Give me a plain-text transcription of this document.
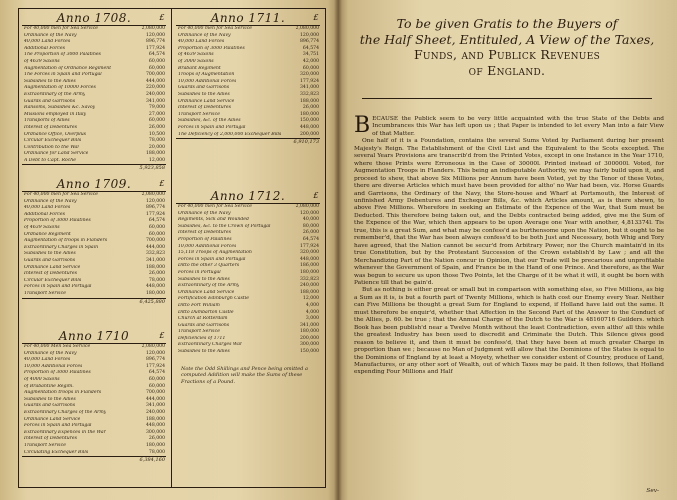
Anno 1708.	£
For 40,000 men for Sea Service	2,080,000
Ordinance of the Navy	120,000
40,000 Land Forces	896,774
Additional Forces	177,924
The Proportion of 3000 Palatines	64,574
of 4639 Saxons	60,000
Augmentation of Ordnance Regiment	60,000
The Forces in Spain and Portugal	700,000
Subsidies to the Allies	444,000
Augmentation of 10000 Forces	220,000
Extraordinary of the Army	240,000
Guards and Garrisons	341,000
Ransoms, Subsidies &c. Savoy	79,000
Missions employed in Italy	27,000
Transports of Allies	60,000
Interest of Debentures	26,000
Ordnance Office, Overplus	10,500
Circular Exchequer Bills	78,000
Contribution to the War	20,000
Ordinance for Land Service	188,000
A Debt to Capt. Roche	12,000
5,923,858
Anno 1709.	£
For 40,000 men for Sea Service	2,080,000
Ordinance of the Navy	120,000
40,000 Land Forces	896,774
Additional Forces	177,924
Proportion of 3000 Palatines	64,574
of 4639 Saxons	60,000
Ordnance Regiment	60,000
Augmentation of troops in Flanders	700,000
Extraordinary Charges in Spain	444,000
Subsidies to the Allies	332,823
Guards and Garrisons	341,000
Ordinance Land Service	188,000
Interest of Debentures	26,000
Circular Exchequer Bills	78,000
Forces in Spain and Portugal	448,000
Transport Service	180,000
6,425,880
Anno 1710	£
For 40,000 Men Sea Service	2,080,000
Ordinance of the Navy	120,000
40,000 Land Forces	896,774
10,000 Additional Forces	177,924
Proportion of 3000 Palatines	64,574
of 4000 Saxons	60,000
of Brabantine Regim.	60,000
Augmentation troops in Flanders	700,000
Subsidies to the Allies	444,000
Guards and Garrisons	341,000
Extraordinary Charges of the Army	240,000
Ordinance Land Service	188,000
Forces in Spain and Portugal	448,000
Extraordinary Expences in the War	300,000
Interest of Debentures	26,000
Transport Service	180,000
Circulating Exchequer Bills	78,000
6,384,160
Anno 1711.	£
For 40,000 men for Sea Service	2,080,000
Ordinance of the Navy	120,000
40,000 Land Forces	896,774
Proportion of 3000 Palatines	64,574
of 4639 Saxons	34,751
of 3000 Saxons	42,000
Brabant Regiment	60,000
Troops of Augmentation	320,000
10,000 Additional Forces	177,924
Guards and Garrisons	341,000
Subsidies to the Allies	332,823
Ordinance Land Service	188,000
Interest of Debentures	26,000
Transport Service	180,000
Subsidies, &c. of the Allies	150,000
Forces in Spain and Portugal	448,000
The Deficiency of 2,000,000 Exchequer Bills	200,000
6,910,173
Anno 1712.	£
For 40,000 men for Sea Service	2,080,000
Ordinance of the Navy	120,000
Regiments, Sick and Wounded	40,000
Subsidies, &c. to the Crown of Portugal	80,000
Interest of Debentures	26,000
Proportion of Palatines	64,574
10,000 Additional Forces	177,924
15,118 Troops of Augmentation	320,000
Forces in Spain and Portugal	448,000
Ditto the other 3 Quarters	186,000
Forces in Portugal	180,000
Subsidies to the Allies	332,823
Extraordinary of the Army	240,000
Ordinance Land Service	188,000
Fortification Edinburgh Castle	12,000
Ditto Fort William	4,000
Ditto Dumbarton Castle	4,000
Church at Rotterdam	3,000
Guards and Garrisons	341,000
Transport Service	180,000
Deficiencies of 1711	200,000
Extraordinary Charges War	300,000
Subsidies to the Allies	150,000
Note the Odd Shillings and Pence being omitted a computed Addition will make the Sums of these Fractions of a Pound.
To be given Gratis to the Buyers of
the Half Sheet, Entituled, A View of the Taxes,
Funds, and Publick Revenues
of England.

BECAUSE the Publick seem to be very little acquainted with the true State of the Debts and Incumbrances this War has left upon us ; that Paper is intended to let every Man into a fair View of that Matter.

One half of it is a Foundation, contains the several Sums Voted by Parliament during her present Majesty's Reign. The Establishment of the Civil List and the Equivalent to the Scots excepted. The several Years Provisions are transcrib'd from the Printed Votes, except in one Instance in the Year 1710, where those Prints were Erroneous in the Case of 30000l. Printed instead of 300000l. Voted, for Augmentation Troops in Flanders. This being an indisputable Authority, we may fairly build upon it, and proceed to shew, that above Six Millions per Annum have been Voted, yet by the Tenor of these Votes, there are diverse Articles which must have been provided for altho' no War had been, viz. Horse Guards and Garrisons, the Ordinary of the Navy, the Store-house and Wharf at Portsmouth, the Interest of unfinished Army Debentures and Exchequer Bills, &c. which Articles amount, as is there shewn, to above Five Millions. Wherefore in seeking an Estimate of the Expence of the War, that Sum must be Deducted. This therefore being taken out, and the Debts contracted being added, give me the Sum of the Expence of the War, which then appears to be upon Average one Year with another, 4,813374l. Tis true, this is a great Sum, and what may be confess'd as burthensome upon the Nation, but it ought to be remember'd, that the War has been always confess'd to be both Just and Necessary, both Whig and Tory have agreed, that the Nation cannot be secur'd from Arbitrary Power, nor the Church maintain'd in its true Constitution, but by the Protestant Succession of the Crown establish'd by Law ; and all the Merchandizing Part of the Nation concur in Opinion, that our Trade will be precarious and unprofitable whenever the Government of Spain, and France be in the Hand of one Prince. And therefore, as the War was begun to secure us upon those Two Points, let the Charge of it be what it will, it ought be born with Patience till that be gain'd.

But as nothing is either great or small but in comparison with something else, so Five Millions, as big a Sum as it is, is but a fourth part of Twenty Millions, which is hath cost our Enemy every Year. Neither can Five Millions be thought a great Sum for England to expend, if Holland have laid out the same. It must therefore be enquir'd, whether that Affection in the Second Part of the Answer to the Conduct of the Allies, p. 60. be true ; that the Annual Charge of the Dutch to the War is 48160716 Guilders. which Book has been publish'd near a Twelve Month without the least Contradiction, even altho' all this while the greatest Industry has been used to discredit and Criminate the Dutch. This Silence gives good reason to believe it, and then it must be confess'd, that they have been at much greater Charge in proportion than we ; because no Man of Judgment will allow that the Dominions of the States is equal to the Dominions of England by at least a Moyety, whether we consider extent of Country, produce of Land, Manufactures, or any other sort of Wealth, out of which Taxes may be paid. It then follows, that Holland expending Four Millions and Half

Sev-
